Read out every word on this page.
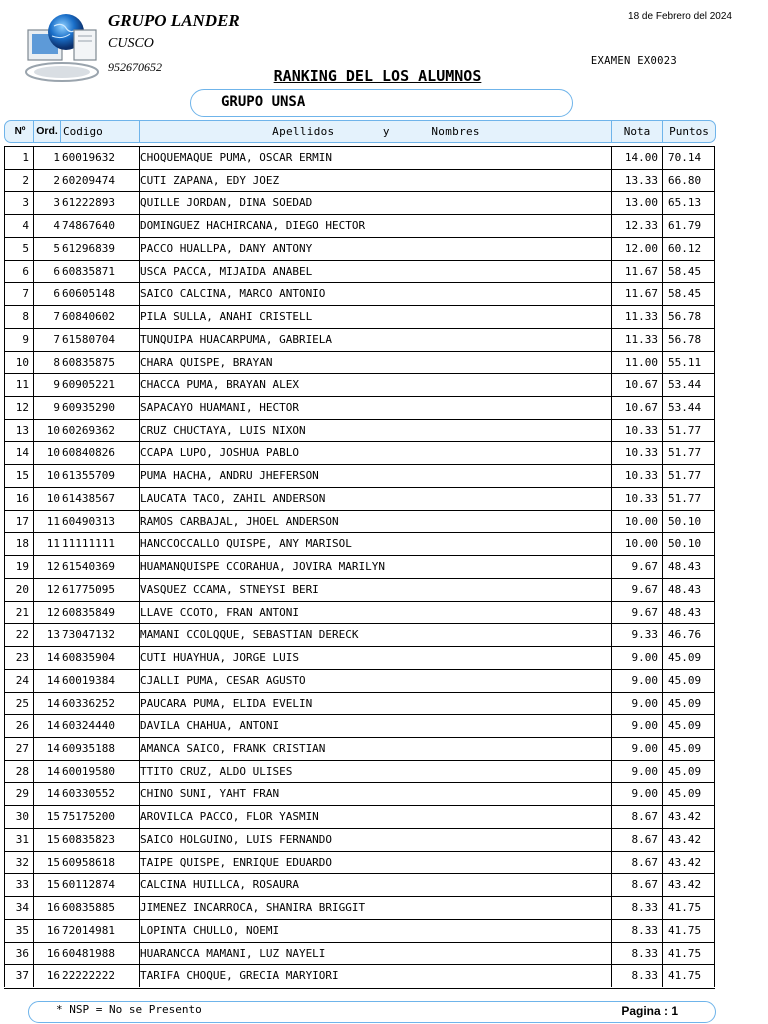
GRUPO LANDER
CUSCO
952670652
18 de Febrero del 2024
EXAMEN EX0023
RANKING DEL LOS ALUMNOS
GRUPO UNSA
Nº	Ord. Codigo	Apellidos       y      Nombres	Nota	Puntos
1	1 60019632	CHOQUEMAQUE PUMA, OSCAR ERMIN	14.00 70.14
2	2 60209474	CUTI ZAPANA, EDY JOEZ	13.33 66.80
3	3 61222893	QUILLE JORDAN, DINA SOEDAD	13.00 65.13
4	4 74867640	DOMINGUEZ HACHIRCANA, DIEGO HECTOR	12.33 61.79
5	5 61296839	PACCO HUALLPA, DANY ANTONY	12.00 60.12
6	6 60835871	USCA PACCA, MIJAIDA ANABEL	11.67 58.45
7	6 60605148	SAICO CALCINA, MARCO ANTONIO	11.67 58.45
8	7 60840602	PILA SULLA, ANAHI CRISTELL	11.33 56.78
9	7 61580704	TUNQUIPA HUACARPUMA, GABRIELA	11.33 56.78
10	8 60835875	CHARA QUISPE, BRAYAN	11.00 55.11
11	9 60905221	CHACCA PUMA, BRAYAN ALEX	10.67 53.44
12	9 60935290	SAPACAYO HUAMANI, HECTOR	10.67 53.44
13	10 60269362	CRUZ CHUCTAYA, LUIS NIXON	10.33 51.77
14	10 60840826	CCAPA LUPO, JOSHUA PABLO	10.33 51.77
15	10 61355709	PUMA HACHA, ANDRU JHEFERSON	10.33 51.77
16	10 61438567	LAUCATA TACO, ZAHIL ANDERSON	10.33 51.77
17	11 60490313	RAMOS CARBAJAL, JHOEL ANDERSON	10.00 50.10
18	11 11111111	HANCCOCCALLO QUISPE, ANY MARISOL	10.00 50.10
19	12 61540369	HUAMANQUISPE CCORAHUA, JOVIRA MARILYN	9.67 48.43
20	12 61775095	VASQUEZ CCAMA, STNEYSI BERI	9.67 48.43
21	12 60835849	LLAVE CCOTO, FRAN ANTONI	9.67 48.43
22	13 73047132	MAMANI CCOLQQUE, SEBASTIAN DERECK	9.33 46.76
23	14 60835904	CUTI HUAYHUA, JORGE LUIS	9.00 45.09
24	14 60019384	CJALLI PUMA, CESAR AGUSTO	9.00 45.09
25	14 60336252	PAUCARA PUMA, ELIDA EVELIN	9.00 45.09
26	14 60324440	DAVILA CHAHUA, ANTONI	9.00 45.09
27	14 60935188	AMANCA SAICO, FRANK CRISTIAN	9.00 45.09
28	14 60019580	TTITO CRUZ, ALDO ULISES	9.00 45.09
29	14 60330552	CHINO SUNI, YAHT FRAN	9.00 45.09
30	15 75175200	AROVILCA PACCO, FLOR YASMIN	8.67 43.42
31	15 60835823	SAICO HOLGUINO, LUIS FERNANDO	8.67 43.42
32	15 60958618	TAIPE QUISPE, ENRIQUE EDUARDO	8.67 43.42
33	15 60112874	CALCINA HUILLCA, ROSAURA	8.67 43.42
34	16 60835885	JIMENEZ INCARROCA, SHANIRA BRIGGIT	8.33 41.75
35	16 72014981	LOPINTA CHULLO, NOEMI	8.33 41.75
36	16 60481988	HUARANCCA MAMANI, LUZ NAYELI	8.33 41.75
37	16 22222222	TARIFA CHOQUE, GRECIA MARYIORI	8.33 41.75
* NSP = No se Presento	Pagina : 1
